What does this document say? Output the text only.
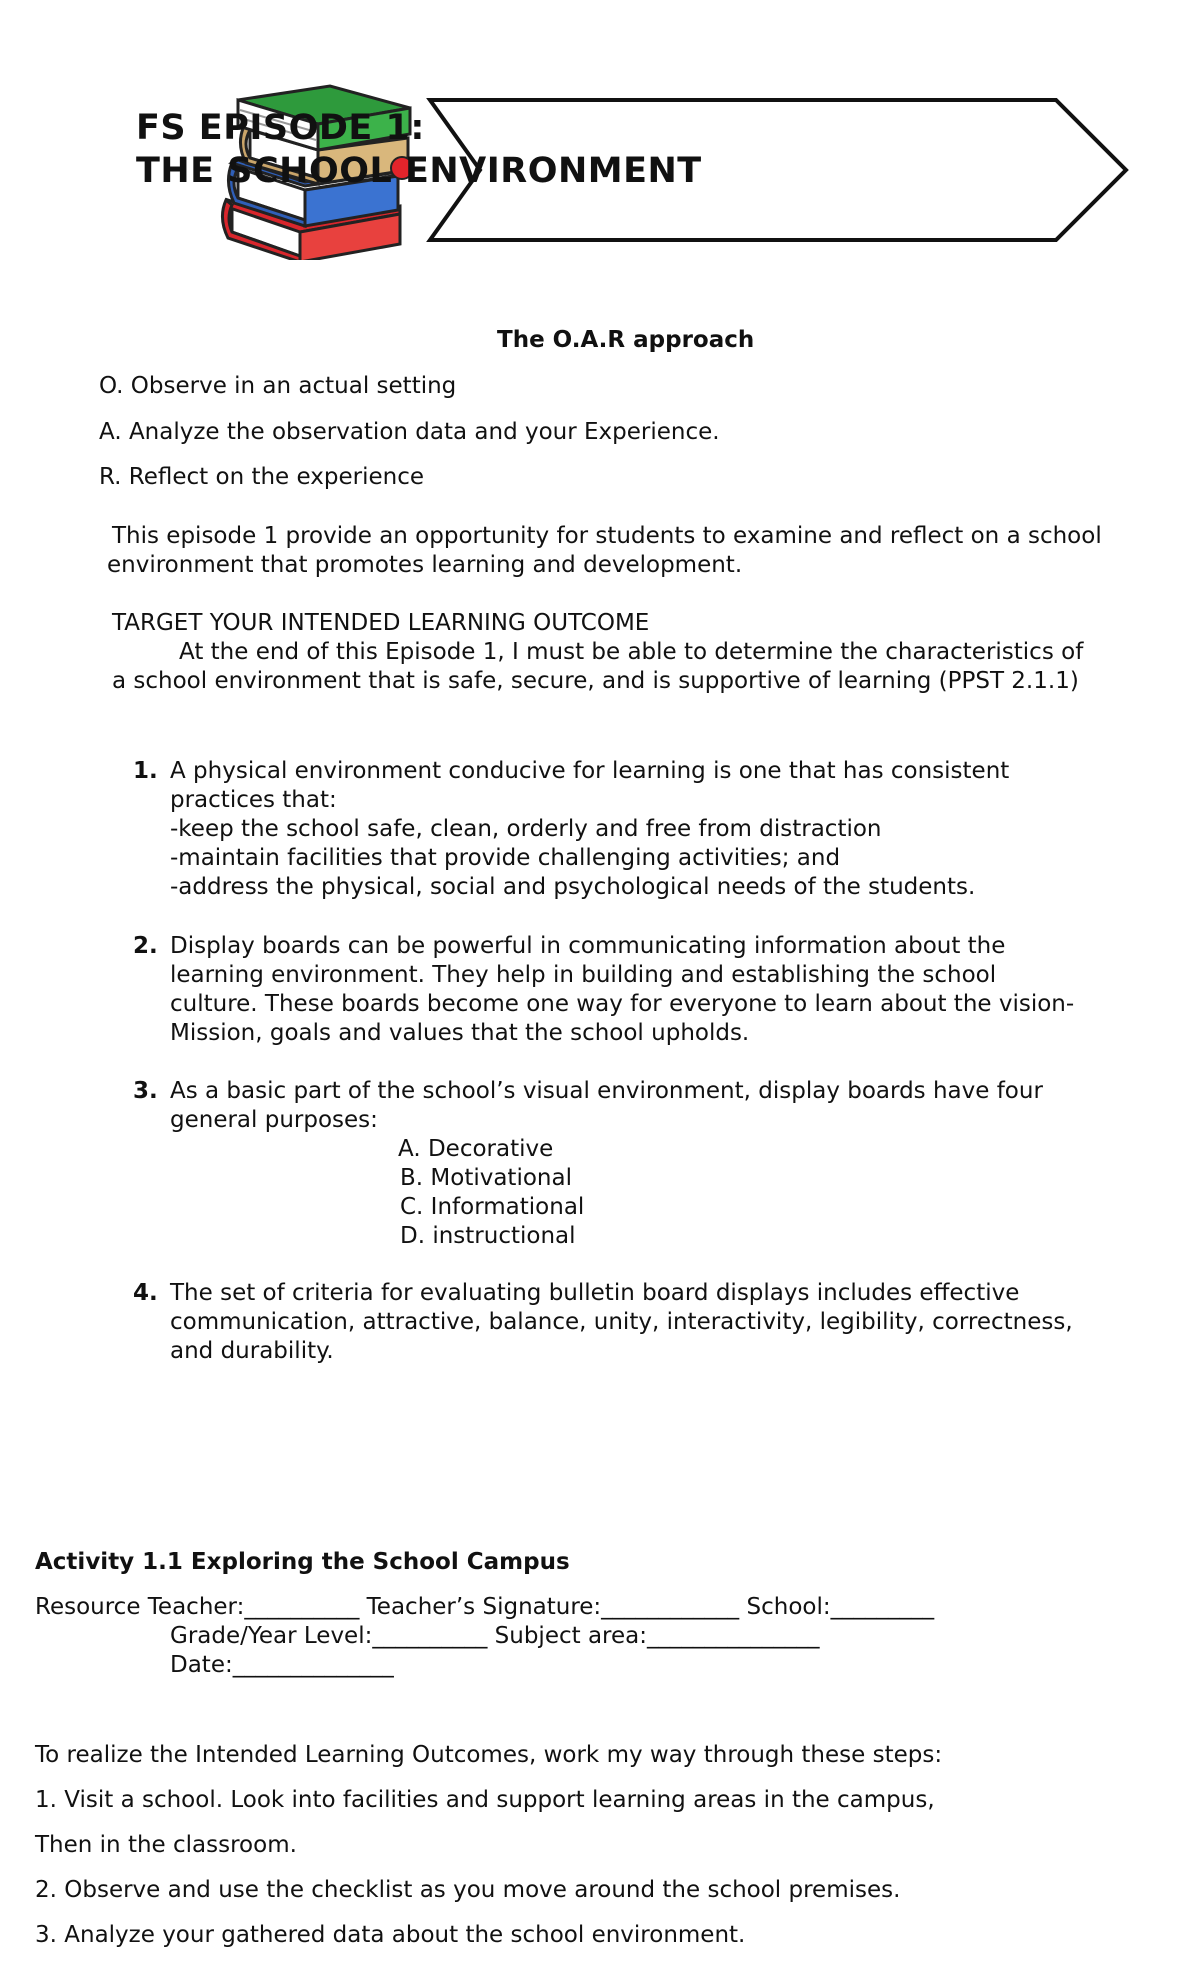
FS EPISODE 1:
THE SCHOOL ENVIRONMENT
The O.A.R approach
O. Observe in an actual setting
A. Analyze the observation data and your Experience.
R. Reflect on the experience
This episode 1 provide an opportunity for students to examine and reflect on a school
environment that promotes learning and development.
TARGET YOUR INTENDED LEARNING OUTCOME
At the end of this Episode 1, I must be able to determine the characteristics of
a school environment that is safe, secure, and is supportive of learning (PPST 2.1.1)
1. A physical environment conducive for learning is one that has consistent
practices that:
-keep the school safe, clean, orderly and free from distraction
-maintain facilities that provide challenging activities; and
-address the physical, social and psychological needs of the students.
2. Display boards can be powerful in communicating information about the
learning environment. They help in building and establishing the school
culture. These boards become one way for everyone to learn about the vision-
Mission, goals and values that the school upholds.
3. As a basic part of the school’s visual environment, display boards have four
general purposes:
A. Decorative
B. Motivational
C. Informational
D. instructional
4. The set of criteria for evaluating bulletin board displays includes effective
communication, attractive, balance, unity, interactivity, legibility, correctness,
and durability.
Activity 1.1 Exploring the School Campus
Resource Teacher:__________ Teacher’s Signature:____________ School:_________
Grade/Year Level:__________ Subject area:_______________
Date:______________
To realize the Intended Learning Outcomes, work my way through these steps:
1. Visit a school. Look into facilities and support learning areas in the campus,
Then in the classroom.
2. Observe and use the checklist as you move around the school premises.
3. Analyze your gathered data about the school environment.
